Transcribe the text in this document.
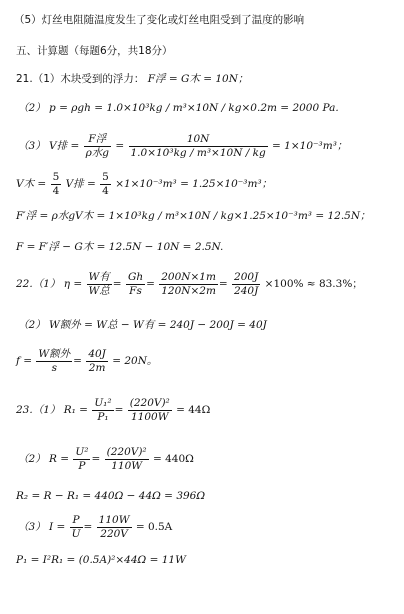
（5）灯丝电阻随温度发生了变化或灯丝电阻受到了温度的影响
五、计算题（每题6分，共18分）
21.（1）木块受到的浮力： F浮 = G木 = 10N；
（2） p = ρgh = 1.0×10³kg / m³×10N / kg×0.2m = 2000 Pa.
（3） V排 = $\frac{\text{F浮}}{\text{ρ水g}} = \frac{10N}{\text{1.0×10³kg / m³×10N / kg}} = 1\times 10^{-3}m^3$；
V木 = $\frac{5}{4}$ V排 = $\frac{5}{4} \times 1\times 10^{-3}m^3 = 1.25\times 10^{-3}m^3$；
F′浮 = ρ水gV木 = 1×10³kg / m³×10N / kg×1.25×10⁻³m³ = 12.5N；
F = F′浮 − G木 = 12.5N − 10N = 2.5N.
22.（1） $\eta = \frac{\text{W有}}{\text{W总}} = \frac{Gh}{Fs} = \frac{200N\times 1m}{120N\times 2m} = \frac{200J}{240J} \times 100\% \approx 83.3\%$；
（2） W额外 = W总 − W有 = 240J − 200J = 40J
$f = \frac{\text{W额外}}{s} = \frac{40J}{2m} = 20N$。
23.（1） $R_1 = \frac{\text{U₁²}}{\text{P₁}} = \frac{\text{(220V)²}}{1100W} = 44\Omega$
（2） $R = \frac{\text{U²}}{P} = \frac{\text{(220V)²}}{110W} = 440\Omega$
R₂ = R − R₁ = 440Ω − 44Ω = 396Ω
（3） $I = \frac{P}{U} = \frac{110W}{220V} = 0.5A$
P₁ = I²R₁ = (0.5A)²×44Ω = 11W
